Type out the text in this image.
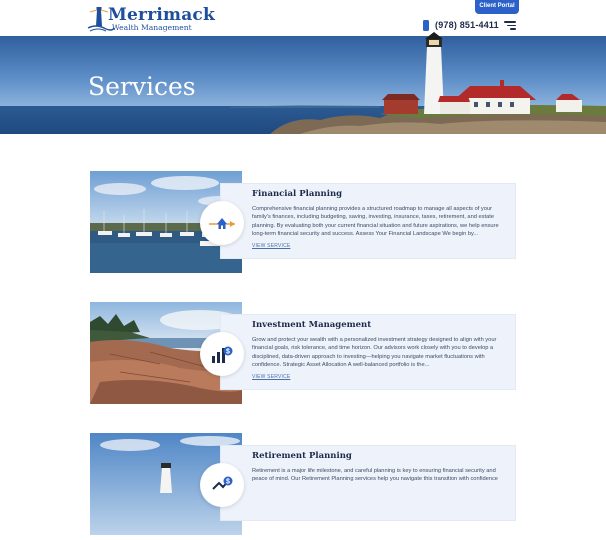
Merrimack
Wealth Management
Client Portal
(978) 851-4411
Services
Financial Planning

Comprehensive financial planning provides a structured roadmap to manage all aspects of your family's finances, including budgeting, saving, investing, insurance, taxes, retirement, and estate planning. By evaluating both your current financial situation and future aspirations, we help ensure long-term financial security and success. Assess Your Financial Landscape We begin by...

VIEW SERVICE
$
Investment Management

Grow and protect your wealth with a personalized investment strategy designed to align with your financial goals, risk tolerance, and time horizon. Our advisors work closely with you to develop a disciplined, data-driven approach to investing—helping you navigate market fluctuations with confidence. Strategic Asset Allocation A well-balanced portfolio is the...

VIEW SERVICE
$
Retirement Planning

Retirement is a major life milestone, and careful planning is key to ensuring financial security and peace of mind. Our Retirement Planning services help you navigate this transition with confidence
